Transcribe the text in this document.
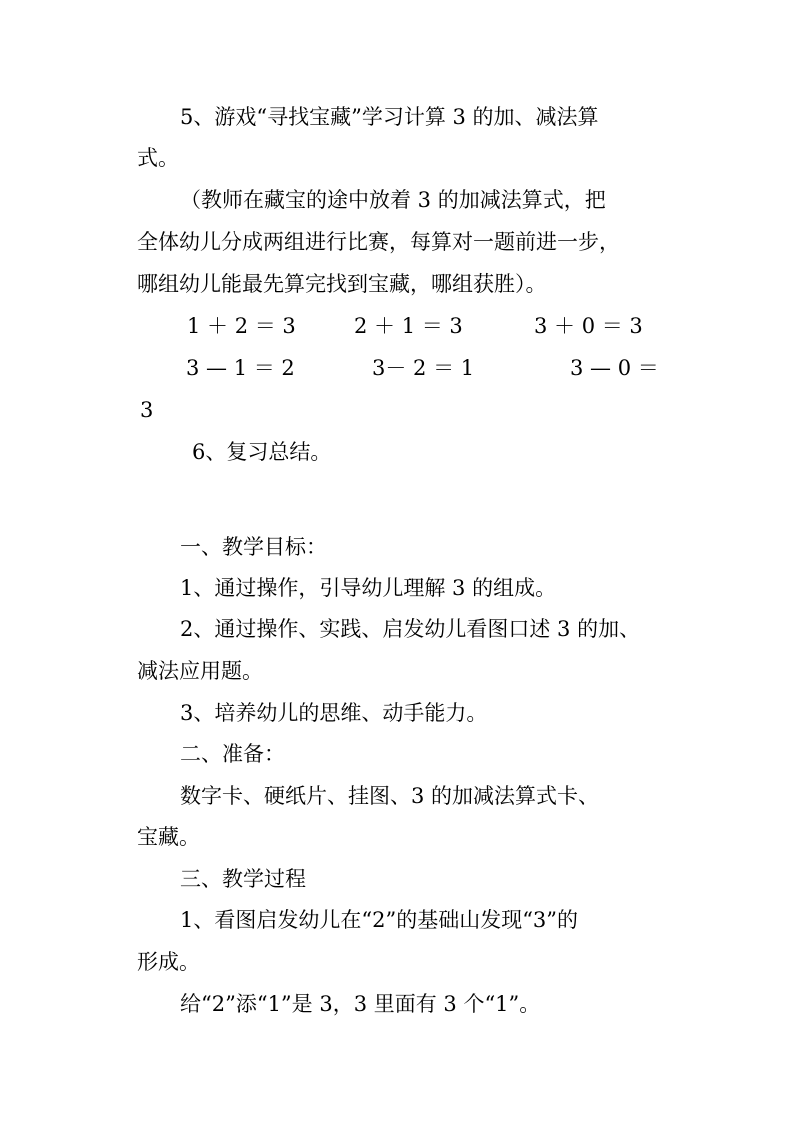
5、游戏“寻找宝藏”学习计算 3 的加、减法算
式。
（教师在藏宝的途中放着 3 的加减法算式，把
全体幼儿分成两组进行比赛，每算对一题前进一步，
哪组幼儿能最先算完找到宝藏，哪组获胜）。
1 ＋ 2 ＝ 3	2 ＋ 1 ＝ 3	3 ＋ 0 ＝ 3
3 — 1 ＝ 2	3－ 2 ＝ 1	3 — 0 ＝
3
6、复习总结。
一、教学目标：
1、通过操作，引导幼儿理解 3 的组成。
2、通过操作、实践、启发幼儿看图口述 3 的加、
减法应用题。
3、培养幼儿的思维、动手能力。
二、准备：
数字卡、硬纸片、挂图、3 的加减法算式卡、
宝藏。
三、教学过程
1、看图启发幼儿在“2”的基础山发现“3”的
形成。
给“2”添“1”是 3，3 里面有 3 个“1”。
